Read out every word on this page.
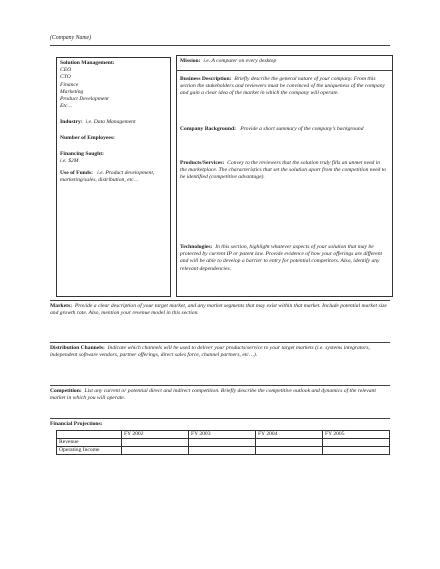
(Company Name)
Solution Management:
CEO
CTO
Finance
Marketing
Product Development
Etc…
Industry: i.e. Data Management
Number of Employees:
Financing Sought:
i.e. $2M
Use of Funds: i.e. Product development, marketing/sales, distribution, etc…
Mission: i.e. A computer on every desktop
Business Description: Briefly describe the general nature of your company. From this section the stakeholders and reviewers must be convinced of the uniqueness of the company and gain a clear idea of the market in which the company will operate.
Company Background: Provide a short summary of the company’s background
Products/Services: Convey to the reviewers that the solution truly fills an unmet need in the marketplace. The characteristics that set the solution apart from the competition need to be identified (competitive advantage).
Technologies: In this section, highlight whatever aspects of your solution that may be protected by current IP or patent law. Provide evidence of how your offerings are different and will be able to develop a barrier to entry for potential competitors. Also, identify any relevant dependencies.
Markets: Provide a clear description of your target market, and any market segments that may exist within that market. Include potential market size and growth rate. Also, mention your revenue model in this section.
Distribution Channels: Indicate which channels will be used to deliver your products/service to your target markets (i.e. systems integrators, independent software vendors, partner offerings, direct sales force, channel partners, etc…).
Competition: List any current or potential direct and indirect competition. Briefly describe the competitive outlook and dynamics of the relevant market in which you will operate.
Financial Projections:
	FY 2002	FY 2003	FY 2004	FY 2005
Revenue				
Operating Income				
